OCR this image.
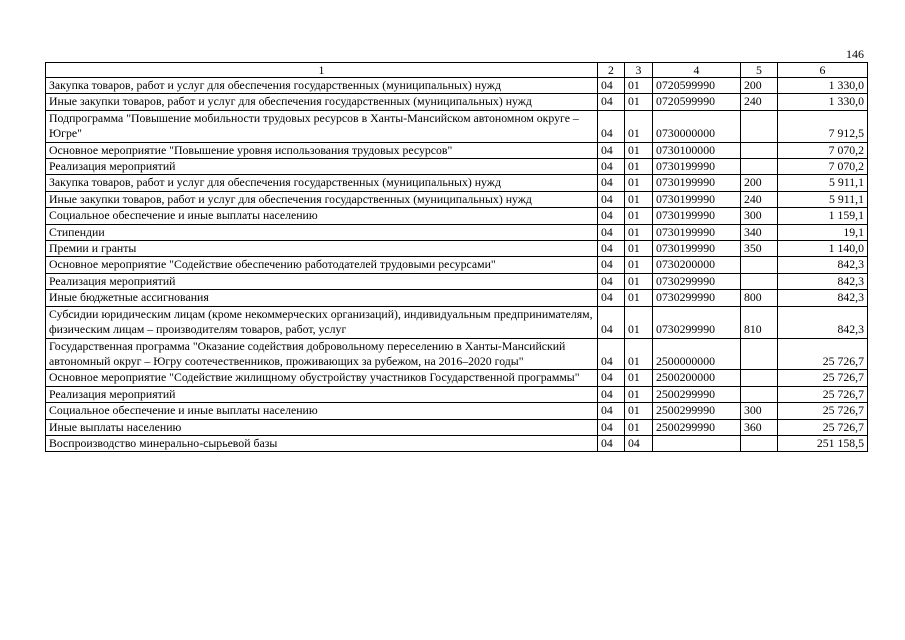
146
1	2	3	4	5	6
Закупка товаров, работ и услуг для обеспечения государственных (муниципальных) нужд	04	01	0720599990	200	1 330,0
Иные закупки товаров, работ и услуг для обеспечения государственных (муниципальных) нужд	04	01	0720599990	240	1 330,0
Подпрограмма "Повышение мобильности трудовых ресурсов в Ханты-Мансийском автономном округе – Югре"	04	01	0730000000		7 912,5
Основное мероприятие "Повышение уровня использования трудовых ресурсов"	04	01	0730100000		7 070,2
Реализация мероприятий	04	01	0730199990		7 070,2
Закупка товаров, работ и услуг для обеспечения государственных (муниципальных) нужд	04	01	0730199990	200	5 911,1
Иные закупки товаров, работ и услуг для обеспечения государственных (муниципальных) нужд	04	01	0730199990	240	5 911,1
Социальное обеспечение и иные выплаты населению	04	01	0730199990	300	1 159,1
Стипендии	04	01	0730199990	340	19,1
Премии и гранты	04	01	0730199990	350	1 140,0
Основное мероприятие "Содействие обеспечению работодателей трудовыми ресурсами"	04	01	0730200000		842,3
Реализация мероприятий	04	01	0730299990		842,3
Иные бюджетные ассигнования	04	01	0730299990	800	842,3
Субсидии юридическим лицам (кроме некоммерческих организаций), индивидуальным предпринимателям, физическим лицам – производителям товаров, работ, услуг	04	01	0730299990	810	842,3
Государственная программа "Оказание содействия добровольному переселению в Ханты-Мансийский автономный округ – Югру соотечественников, проживающих за рубежом, на 2016–2020 годы"	04	01	2500000000		25 726,7
Основное мероприятие "Содействие жилищному обустройству участников Государственной программы"	04	01	2500200000		25 726,7
Реализация мероприятий	04	01	2500299990		25 726,7
Социальное обеспечение и иные выплаты населению	04	01	2500299990	300	25 726,7
Иные выплаты населению	04	01	2500299990	360	25 726,7
Воспроизводство минерально-сырьевой базы	04	04			251 158,5
